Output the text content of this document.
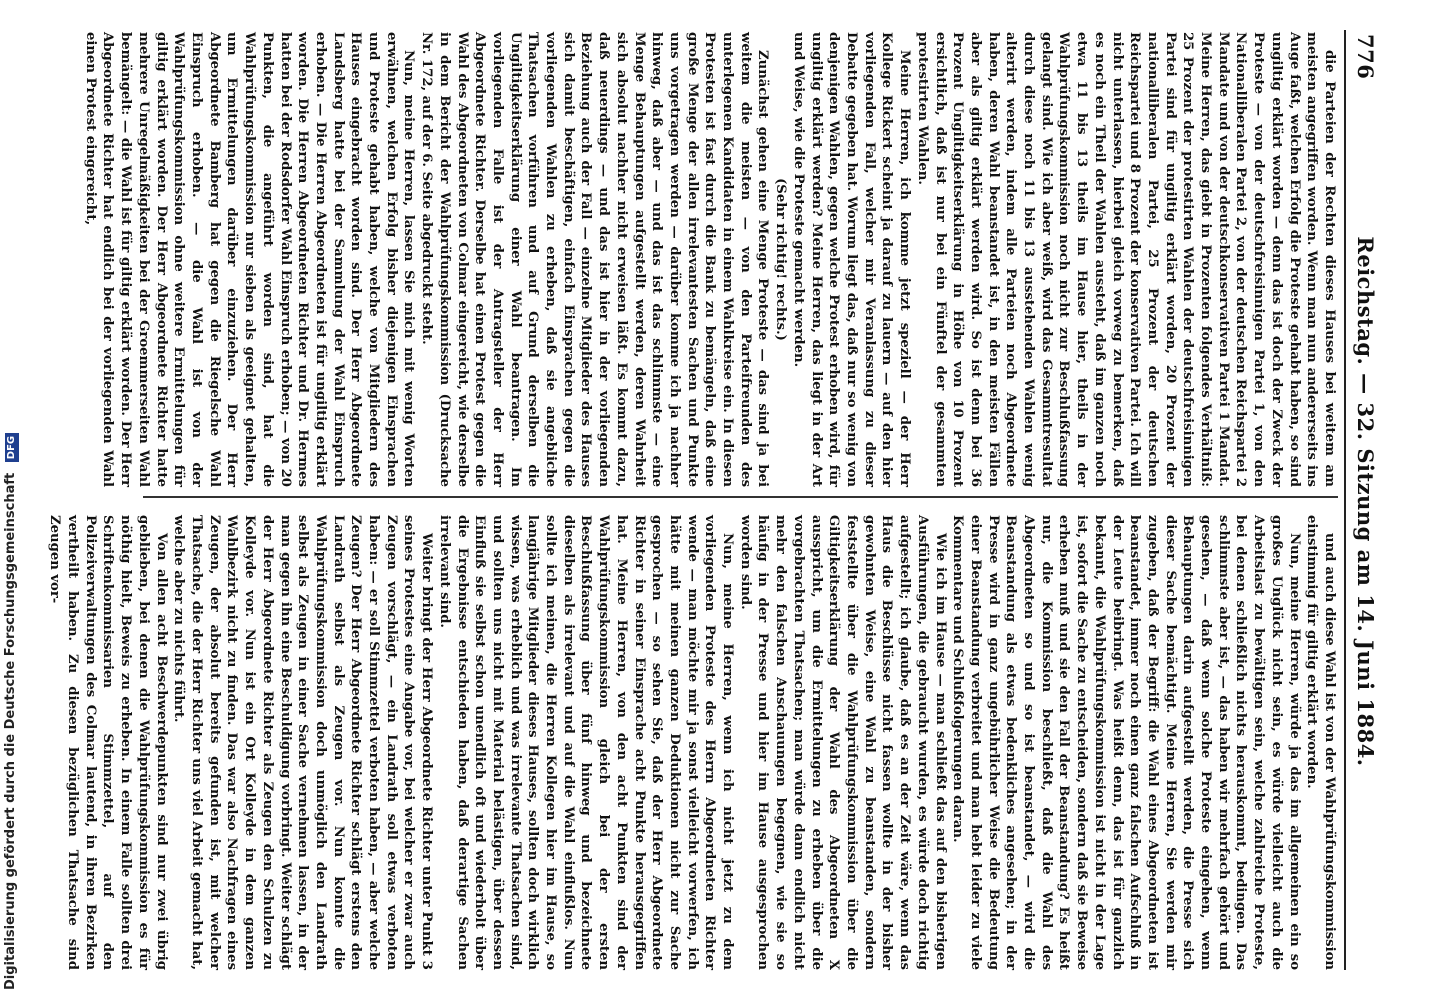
776
Reichstag. — 32. Sitzung am 14. Juni 1884.

die Parteien der Rechten dieses Hauses bei weitem am meisten angegriffen worden. Wenn man nun andererseits ins Auge faßt, welchen Erfolg die Proteste gehabt haben, so sind ungiltig erklärt worden — denn das ist doch der Zweck der Proteste — von der deutschfreisinnigen Partei 1, von den Nationalliberalen Partei 2, von der deutschen Reichspartei 2 Mandate und von der deutschkonservativen Partei 1 Mandat. Meine Herren, das giebt in Prozenten folgendes Verhältniß: 25 Prozent der protestirten Wahlen der deutschfreisinnigen Partei sind für ungiltig erklärt worden, 20 Prozent der nationalliberalen Partei, 25 Prozent der deutschen Reichspartei und 8 Prozent der konservativen Partei. Ich will nicht unterlassen, hierbei gleich vorweg zu bemerken, daß es noch ein Theil der Wahlen aussteht, daß im ganzen noch etwa 11 bis 13 theils im Hause hier, theils in der Wahlprüfungskommission noch nicht zur Beschlußfassung gelangt sind. Wie ich aber weiß, wird das Gesammtresultat durch diese noch 11 bis 13 ausstehenden Wahlen wenig alterirt werden, indem alle Parteien noch Abgeordnete haben, deren Wahl beanstandet ist, in den meisten Fällen aber als giltig erklärt werden wird. So ist denn bei 36 Prozent Ungiltigkeitserklärung in Höhe von 10 Prozent ersichtlich, daß ist nur bei ein Fünftel der gesammten protestirten Wahlen.

Meine Herren, ich komme jetzt speziell — der Herr Kollege Rickert scheint ja darauf zu lauern — auf den hier vorliegenden Fall, welcher mir Veranlassung zu dieser Debatte gegeben hat. Worum liegt das, daß nur so wenig von denjenigen Wahlen, gegen welche Protest erhoben wird, für ungiltig erklärt werden? Meine Herren, das liegt in der Art und Weise, wie die Proteste gemacht werden.

(Sehr richtig! rechts.)

Zunächst gehen eine Menge Proteste — das sind ja bei weitem die meisten — von den Parteifreunden des unterlegenen Kandidaten in einem Wahlkreise ein. In diesen Protesten ist fast durch die Bank zu bemängeln, daß eine große Menge der allen irrelevantesten Sachen und Punkte uns vorgetragen werden — darüber komme ich ja nachher hinweg, daß aber — und das ist das schlimmste — eine Menge Behauptungen aufgestellt werden, deren Wahrheit sich absolut nachher nicht erweisen läßt. Es kommt dazu, daß neuerdings — und das ist hier in der vorliegenden Beziehung auch der Fall — einzelne Mitglieder des Hauses sich damit beschäftigen, einfach Einsprachen gegen die vorliegenden Wahlen zu erheben, daß sie angebliche Thatsachen vorführen und auf Grund derselben die Ungiltigkeitserklärung einer Wahl beantragen. Im vorliegenden Falle ist der Antragsteller der Herr Abgeordnete Richter. Derselbe hat einen Protest gegen die Wahl des Abgeordneten von Colmar eingereicht, wie derselbe in dem Bericht der Wahlprüfungskommission (Drucksache Nr. 172, auf der 6. Seite abgedruckt steht.

Nun, meine Herren, lassen Sie mich mit wenig Worten erwähnen, welchen Erfolg bisher diejenigen Einsprachen und Proteste gehabt haben, welche von Mitgliedern des Hauses eingebracht worden sind. Der Herr Abgeordnete Landsberg hatte bei der Sammlung der Wahl Einspruch erhoben. — Die Herren Abgeordneten ist für ungiltig erklärt worden. Die Herren Abgeordneten Richter und Dr. Hermes hatten bei der Rodsdorfer Wahl Einspruch erhoben; — von 20 Punkten, die angeführt worden sind, hat die Wahlprüfungskommission nur sieben als geeignet gehalten, um Ermittelungen darüber einzuziehen. Der Herr Abgeordnete Bamberg hat gegen die Riegelsche Wahl Einspruch erhoben. — die Wahl ist von der Wahlprüfungskommission ohne weitere Ermittelungen für giltig erklärt worden. Der Herr Abgeordnete Richter hatte mehrere Unregelmäßigkeiten bei der Groemmerseiten Wahl bemängelt: — die Wahl ist für giltig erklärt worden. Der Herr Abgeordnete Richter hat endlich bei der vorliegenden Wahl einen Protest eingereicht,

und auch diese Wahl ist von der Wahlprüfungskommission einstimmig für giltig erklärt worden.

Nun, meine Herren, würde ja das im allgemeinen ein so großes Unglück nicht sein, es würde vielleicht auch die Arbeitslast zu bewältigen sein, welche zahlreiche Proteste, bei denen schließlich nichts herauskommt, bedingen. Das schlimmste aber ist, — das haben wir mehrfach gehört und gesehen, — daß wenn solche Proteste eingehen, wenn Behauptungen darin aufgestellt werden, die Presse sich dieser Sache bemächtigt. Meine Herren, Sie werden mir zugeben, daß der Begriff: die Wahl eines Abgeordneten ist beanstandet, immer noch einen ganz falschen Aufschluß in der Leute beibringt. Was heißt denn, das ist für ganzlich bekannt, die Wahlprüfungskommission ist nicht in der Lage ist, sofort die Sache zu entscheiden, sondern daß sie Beweise erheben muß und sie den Fall der Beanstandung? Es heißt nur, die Kommission beschließt, daß die Wahl des Abgeordneten so und so ist beanstandet, — wird die Beanstandung als etwas bedenkliches angesehen; in der Presse wird in ganz ungebührlicher Weise die Bedeutung einer Beanstandung verbreitet und man hebt leider zu viele Kommentare und Schlußfolgerungen daran.

Wie ich im Hause — man schließt das auf den bisherigen Ausführungen, die gebraucht wurden, es würde doch richtig aufgestellt; ich glaube, daß es an der Zeit wäre, wenn das Haus die Beschlüsse nicht fassen wollte in der bisher gewohnten Weise, eine Wahl zu beanstanden, sondern feststellte über die Wahlprüfungskommission über die Giltigkeitserklärung der Wahl des Abgeordneten X ausspricht, um die Ermittelungen zu erheben über die vorgebrachten Thatsachen; man würde dann endlich nicht mehr den falschen Anschauungen begegnen, wie sie so häufig in der Presse und hier im Hause ausgesprochen worden sind.

Nun, meine Herren, wenn ich nicht jetzt zu dem vorliegenden Proteste des Herrn Abgeordneten Richter wende — man möchte mir ja sonst vielleicht vorwerfen, ich hätte mit meinen ganzen Deduktionen nicht zur Sache gesprochen — so sehen Sie, daß der Herr Abgeordnete Richter in seiner Einsprache acht Punkte herausgegriffen hat. Meine Herren, von den acht Punkten sind der Wahlprüfungskommission gleich bei der ersten Beschlußfassung über fünf hinweg und bezeichnete dieselben als irrelevant und auf die Wahl einflußlos. Nun sollte ich meinen, die Herren Kollegen hier im Hause, so langjährige Mitglieder dieses Hauses, sollten doch wirklich wissen, was erheblich und was irrelevante Thatsachen sind, und sollten uns nicht mit Material belästigen, über dessen Einfluß sie selbst schon unendlich oft und wiederholt über die Ergebnisse entschieden haben, daß derartige Sachen irrelevant sind.

Weiter bringt der Herr Abgeordnete Richter unter Punkt 3 seines Protestes eine Angabe vor, bei welcher er zwar auch Zeugen vorschlägt, — ein Landrath soll etwas verboten haben: — er soll Stimmzettel verboten haben, — aber welche Zeugen? Der Herr Abgeordnete Richter schlägt erstens den Landrath selbst als Zeugen vor. Nun konnte die Wahlprüfungskommission doch unmöglich den Landrath selbst als Zeugen in einer Sache vernehmen lassen, in der man gegen ihn eine Beschuldigung vorbringt. Weiter schlägt der Herr Abgeordnete Richter als Zeugen den Schulzen zu Kolleyde vor. Nun ist ein Ort Kolleyde in dem ganzen Wahlbezirk nicht zu finden. Das war also Nachfragen eines Zeugen, der absolut bereits gefunden ist, mit welcher Thatsache, die der Herr Richter uns viel Arbeit gemacht hat, welche aber zu nichts führt.

Von allen acht Beschwerdepunkten sind nur zwei übrig geblieben, bei denen die Wahlprüfungskommission es für nöthig hielt, Beweis zu erheben. In einem Falle sollten drei Schriftenkommissarien Stimmzettel, auf den Polizeiverwaltungen des Colmar lautend, in ihren Bezirken vertheilt haben. Zu diesen bezüglichen Thatsache sind Zeugen vor-

Digitalisierung gefördert durch die Deutsche Forschungsgemeinschaft DFG
